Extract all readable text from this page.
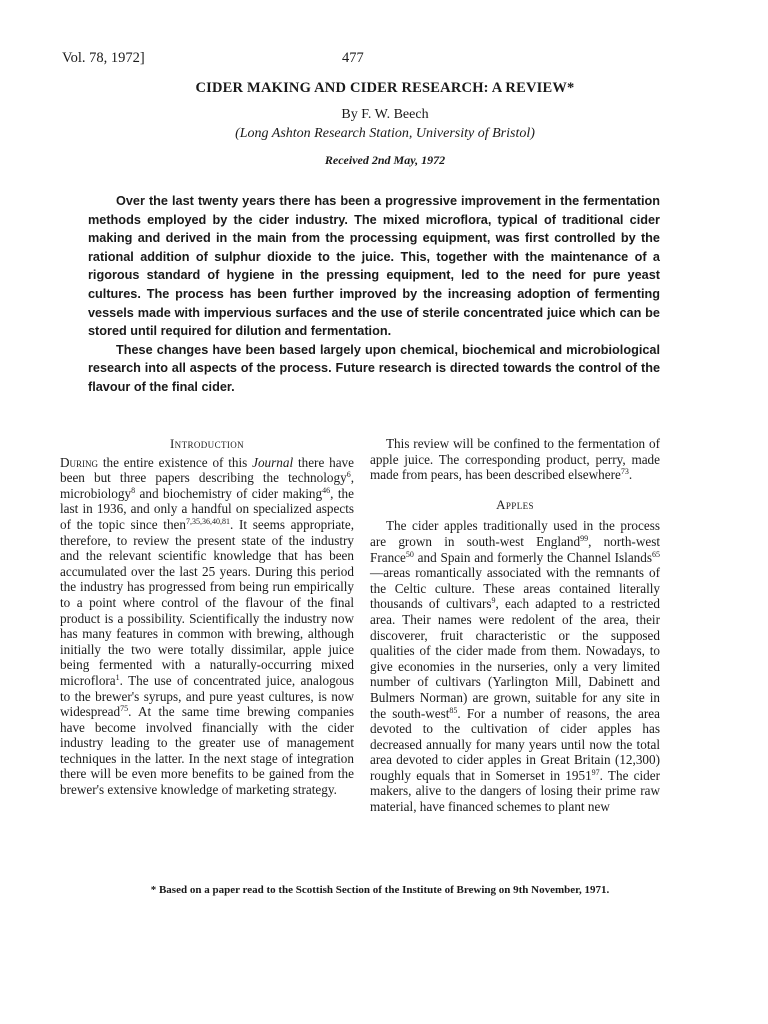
Vol. 78, 1972]	477
CIDER MAKING AND CIDER RESEARCH: A REVIEW*
By F. W. Beech
(Long Ashton Research Station, University of Bristol)
Received 2nd May, 1972

Over the last twenty years there has been a progressive improvement in the fermentation methods employed by the cider industry. The mixed microflora, typical of traditional cider making and derived in the main from the processing equipment, was first controlled by the rational addition of sulphur dioxide to the juice. This, together with the maintenance of a rigorous standard of hygiene in the pressing equipment, led to the need for pure yeast cultures. The process has been further improved by the increasing adoption of fermenting vessels made with impervious surfaces and the use of sterile concentrated juice which can be stored until required for dilution and fermentation.

These changes have been based largely upon chemical, biochemical and microbiological research into all aspects of the process. Future research is directed towards the control of the flavour of the final cider.

Introduction

During the entire existence of this Journal there have been but three papers describing the technology$^6$, microbiology$^8$ and biochemistry of cider making$^{46}$, the last in 1936, and only a handful on specialized aspects of the topic since then$^{7,35,36,40,81}$. It seems appropriate, therefore, to review the present state of the industry and the relevant scientific knowledge that has been accumulated over the last 25 years. During this period the industry has progressed from being run empirically to a point where control of the flavour of the final product is a possibility. Scientifically the industry now has many features in common with brewing, although initially the two were totally dissimilar, apple juice being fermented with a naturally-occurring mixed microflora$^1$. The use of concentrated juice, analogous to the brewer's syrups, and pure yeast cultures, is now widespread$^{75}$. At the same time brewing companies have become involved financially with the cider industry leading to the greater use of management techniques in the latter. In the next stage of integration there will be even more benefits to be gained from the brewer's extensive knowledge of marketing strategy.

This review will be confined to the fermentation of apple juice. The corresponding product, perry, made made from pears, has been described elsewhere$^{73}$.

Apples

The cider apples traditionally used in the process are grown in south-west England$^{99}$, north-west France$^{50}$ and Spain and formerly the Channel Islands$^{65}$—areas romantically associated with the remnants of the Celtic culture. These areas contained literally thousands of cultivars$^9$, each adapted to a restricted area. Their names were redolent of the area, their discoverer, fruit characteristic or the supposed qualities of the cider made from them. Nowadays, to give economies in the nurseries, only a very limited number of cultivars (Yarlington Mill, Dabinett and Bulmers Norman) are grown, suitable for any site in the south-west$^{85}$. For a number of reasons, the area devoted to the cultivation of cider apples has decreased annually for many years until now the total area devoted to cider apples in Great Britain (12,300) roughly equals that in Somerset in 1951$^{97}$. The cider makers, alive to the dangers of losing their prime raw material, have financed schemes to plant new

* Based on a paper read to the Scottish Section of the Institute of Brewing on 9th November, 1971.
